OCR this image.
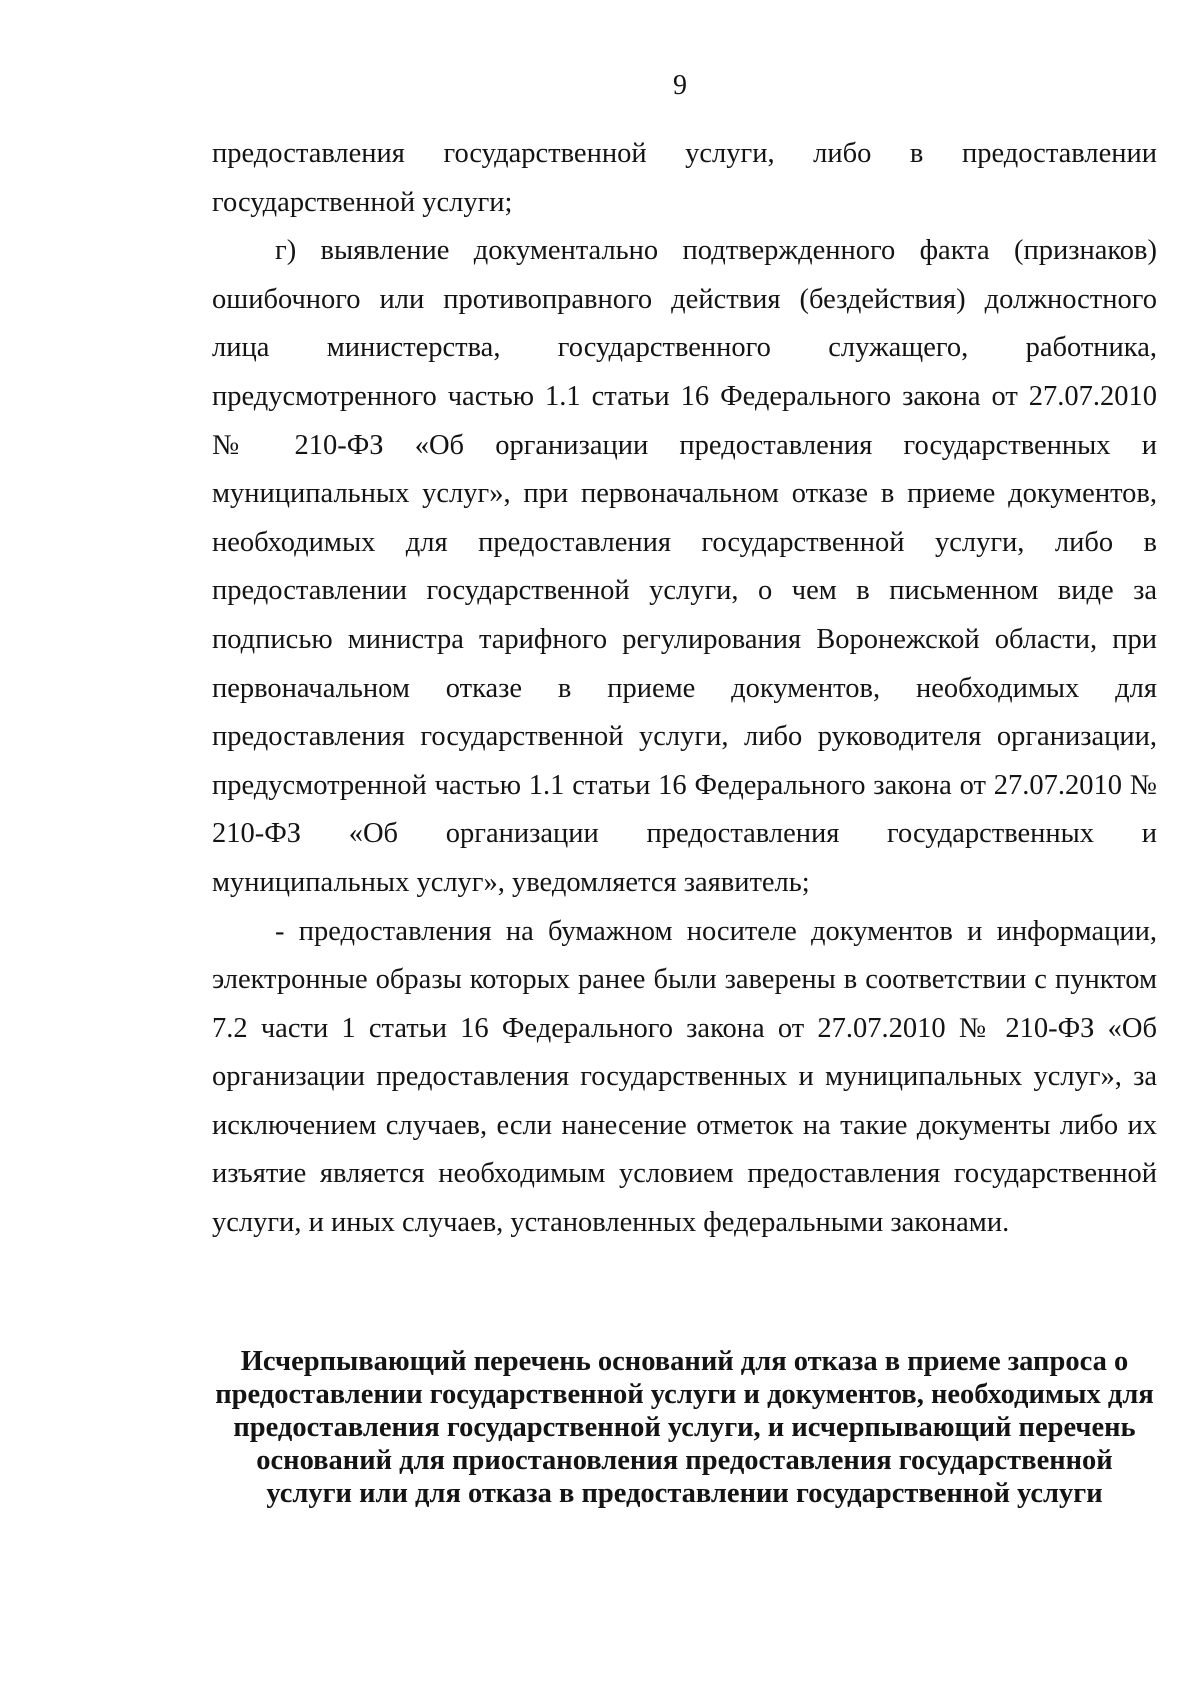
9

предоставления государственной услуги, либо в предоставлении государственной услуги;

г) выявление документально подтвержденного факта (признаков) ошибочного или противоправного действия (бездействия) должностного лица министерства, государственного служащего, работника, предусмотренного частью 1.1 статьи 16 Федерального закона от 27.07.2010 № 210-ФЗ «Об организации предоставления государственных и муниципальных услуг», при первоначальном отказе в приеме документов, необходимых для предоставления государственной услуги, либо в предоставлении государственной услуги, о чем в письменном виде за подписью министра тарифного регулирования Воронежской области, при первоначальном отказе в приеме документов, необходимых для предоставления государственной услуги, либо руководителя организации, предусмотренной частью 1.1 статьи 16 Федерального закона от 27.07.2010 № 210-ФЗ «Об организации предоставления государственных и муниципальных услуг», уведомляется заявитель;

- предоставления на бумажном носителе документов и информации, электронные образы которых ранее были заверены в соответствии с пунктом 7.2 части 1 статьи 16 Федерального закона от 27.07.2010 № 210-ФЗ «Об организации предоставления государственных и муниципальных услуг», за исключением случаев, если нанесение отметок на такие документы либо их изъятие является необходимым условием предоставления государственной услуги, и иных случаев, установленных федеральными законами.

Исчерпывающий перечень оснований для отказа в приеме запроса о
предоставлении государственной услуги и документов, необходимых для
предоставления государственной услуги, и исчерпывающий перечень
оснований для приостановления предоставления государственной
услуги или для отказа в предоставлении государственной услуги
